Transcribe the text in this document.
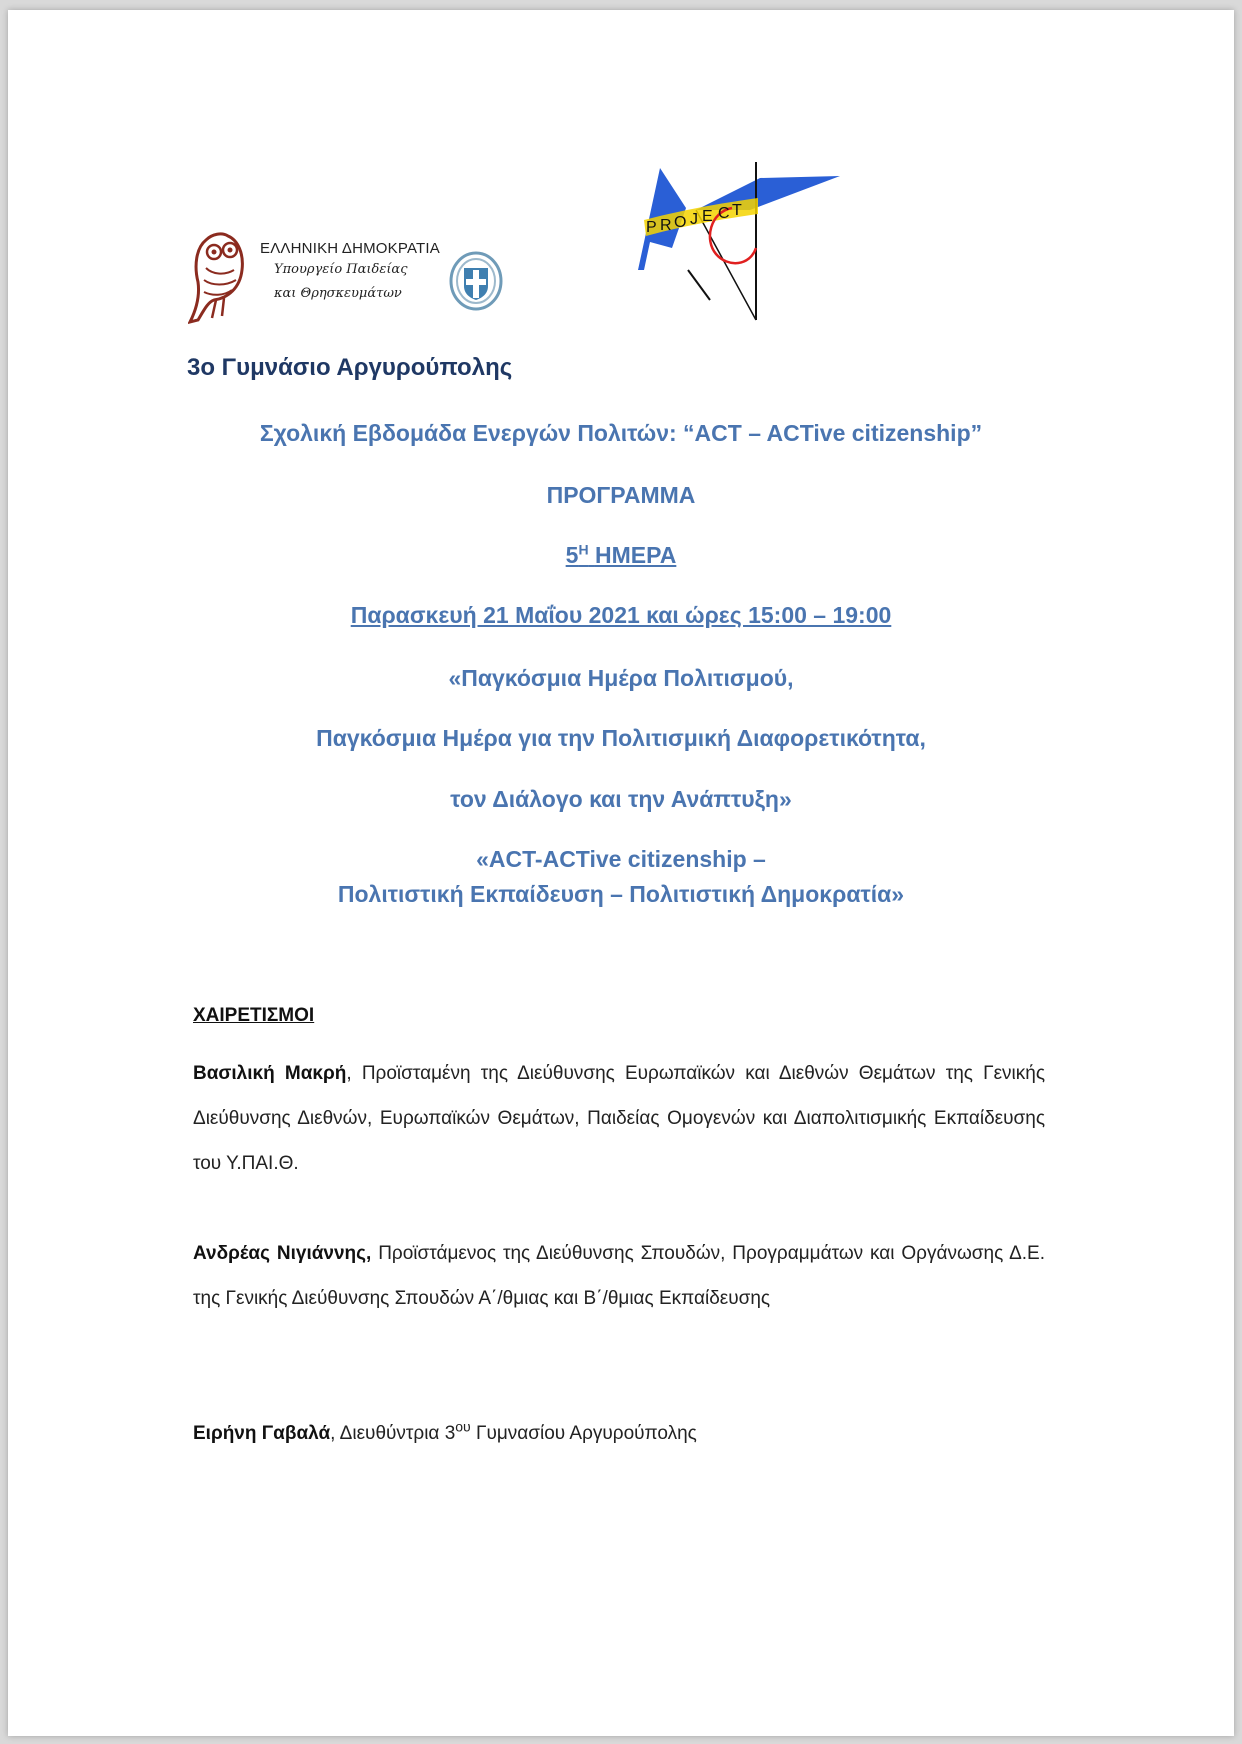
ΕΛΛΗΝΙΚΗ ΔΗΜΟΚΡΑΤΙΑ
Υπουργείο Παιδείας
και Θρησκευμάτων
P R O J E C T
3ο Γυμνάσιο Αργυρούπολης
Σχολική Εβδομάδα Ενεργών Πολιτών: “ACT – ACTive citizenship”
ΠΡΟΓΡΑΜΜΑ
$5^H$ ΗΜΕΡΑ
Παρασκευή 21 Μαΐου 2021 και ώρες 15:00 – 19:00
«Παγκόσμια Ημέρα Πολιτισμού,
Παγκόσμια Ημέρα για την Πολιτισμική Διαφορετικότητα,
τον Διάλογο και την Ανάπτυξη»
«ACT-ACTive citizenship –
Πολιτιστική Εκπαίδευση – Πολιτιστική Δημοκρατία»
ΧΑΙΡΕΤΙΣΜΟΙ
Βασιλική Μακρή, Προϊσταμένη της Διεύθυνσης Ευρωπαϊκών και Διεθνών Θεμάτων της Γενικής Διεύθυνσης Διεθνών, Ευρωπαϊκών Θεμάτων, Παιδείας Ομογενών και Διαπολιτισμικής Εκπαίδευσης του Υ.ΠΑΙ.Θ.
Ανδρέας Νιγιάννης, Προϊστάμενος της Διεύθυνσης Σπουδών, Προγραμμάτων και Οργάνωσης Δ.Ε. της Γενικής Διεύθυνσης Σπουδών Α΄/θμιας και Β΄/θμιας Εκπαίδευσης
Ειρήνη Γαβαλά, Διευθύντρια $3^{o\upsilon}$ Γυμνασίου Αργυρούπολης
